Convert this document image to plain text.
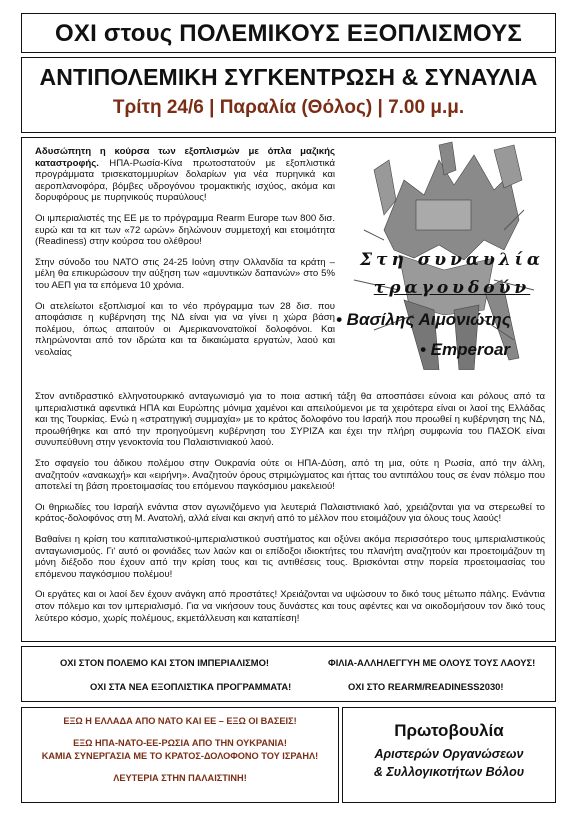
ΟΧΙ στους ΠΟΛΕΜΙΚΟΥΣ ΕΞΟΠΛΙΣΜΟΥΣ
ΑΝΤΙΠΟΛΕΜΙΚΗ ΣΥΓΚΕΝΤΡΩΣΗ & ΣΥΝΑΥΛΙΑ
Τρίτη 24/6 | Παραλία (Θόλος) | 7.00 μ.μ.

Αδυσώπητη η κούρσα των εξοπλισμών με όπλα μαζικής καταστροφής. ΗΠΑ-Ρωσία-Κίνα πρωτοστατούν με εξοπλιστικά προγράμματα τρισεκατομμυρίων δολαρίων για νέα πυρηνικά και αεροπλανοφόρα, βόμβες υδρογόνου τρομακτικής ισχύος, ακόμα και δορυφόρους με πυρηνικούς πυραύλους!

Οι ιμπεριαλιστές της ΕΕ με το πρόγραμμα Rearm Europe των 800 δισ. ευρώ και τα κιτ των «72 ωρών» δηλώνουν συμμετοχή και ετοιμότητα (Readiness) στην κούρσα του ολέθρου!

Στην σύνοδο του ΝΑΤΟ στις 24-25 Ιούνη στην Ολλανδία τα κράτη – μέλη θα επικυρώσουν την αύξηση των «αμυντικών δαπανών» στο 5% του ΑΕΠ για τα επόμενα 10 χρόνια.

Οι ατελείωτοι εξοπλισμοί και το νέο πρόγραμμα των 28 δισ. που αποφάσισε η κυβέρνηση της ΝΔ είναι για να γίνει η χώρα βάση πολέμου, όπως απαιτούν οι Αμερικανονατοϊκοί δολοφόνοι. Και πληρώνονται από τον ιδρώτα και τα δικαιώματα εργατών, λαού και νεολαίας

Στη συναυλία
τραγουδούν
• Βασίλης Αιμονιώτης
• Emperoar

Στον αντιδραστικό ελληνοτουρκικό ανταγωνισμό για το ποια αστική τάξη θα αποσπάσει εύνοια και ρόλους από τα ιμπεριαλιστικά αφεντικά ΗΠΑ και Ευρώπης μόνιμα χαμένοι και απειλούμενοι με τα χειρότερα είναι οι λαοί της Ελλάδας και της Τουρκίας. Ενώ η «στρατηγική συμμαχία» με το κράτος δολοφόνο του Ισραήλ που προωθεί η κυβέρνηση της ΝΔ, προωθήθηκε και από την προηγούμενη κυβέρνηση του ΣΥΡΙΖΑ και έχει την πλήρη συμφωνία του ΠΑΣΟΚ είναι συνυπεύθυνη στην γενοκτονία του Παλαιστινιακού λαού.

Στο σφαγείο του άδικου πολέμου στην Ουκρανία ούτε οι ΗΠΑ-Δύση, από τη μια, ούτε η Ρωσία, από την άλλη, αναζητούν «ανακωχή» και «ειρήνη». Αναζητούν όρους στριμώγματος και ήττας του αντιπάλου τους σε έναν πόλεμο που αποτελεί τη βάση προετοιμασίας του επόμενου παγκόσμιου μακελειού!

Οι θηριωδίες του Ισραήλ ενάντια στον αγωνιζόμενο για λευτεριά Παλαιστινιακό λαό, χρειάζονται για να στερεωθεί το κράτος-δολοφόνος στη Μ. Ανατολή, αλλά είναι και σκηνή από το μέλλον που ετοιμάζουν για όλους τους λαούς!

Βαθαίνει η κρίση του καπιταλιστικού-ιμπεριαλιστικού συστήματος και οξύνει ακόμα περισσότερο τους ιμπεριαλιστικούς ανταγωνισμούς. Γι' αυτό οι φονιάδες των λαών και οι επίδοξοι ιδιοκτήτες του πλανήτη αναζητούν και προετοιμάζουν τη μόνη διέξοδο που έχουν από την κρίση τους και τις αντιθέσεις τους. Βρισκόνται στην πορεία προετοιμασίας του επόμενου παγκόσμιου πολέμου!

Οι εργάτες και οι λαοί δεν έχουν ανάγκη από προστάτες! Χρειάζονται να υψώσουν το δικό τους μέτωπο πάλης. Ενάντια στον πόλεμο και τον ιμπεριαλισμό. Για να νικήσουν τους δυνάστες και τους αφέντες και να οικοδομήσουν τον δικό τους λεύτερο κόσμο, χωρίς πολέμους, εκμετάλλευση και καταπίεση!

ΟΧΙ ΣΤΟΝ ΠΟΛΕΜΟ ΚΑΙ ΣΤΟΝ ΙΜΠΕΡΙΑΛΙΣΜΟ!	ΦΙΛΙΑ-ΑΛΛΗΛΕΓΓΥΗ ΜΕ ΟΛΟΥΣ ΤΟΥΣ ΛΑΟΥΣ!
ΟΧΙ ΣΤΑ ΝΕΑ ΕΞΟΠΛΙΣΤΙΚΑ ΠΡΟΓΡΑΜΜΑΤΑ!	ΟΧΙ ΣΤΟ REARM/READINESS2030!
ΕΞΩ Η ΕΛΛΑΔΑ ΑΠΟ ΝΑΤΟ ΚΑΙ ΕΕ – ΕΞΩ ΟΙ ΒΑΣΕΙΣ!
ΕΞΩ ΗΠΑ-ΝΑΤΟ-ΕΕ-ΡΩΣΙΑ ΑΠΟ ΤΗΝ ΟΥΚΡΑΝΙΑ!
ΚΑΜΙΑ ΣΥΝΕΡΓΑΣΙΑ ΜΕ ΤΟ ΚΡΑΤΟΣ-ΔΟΛΟΦΟΝΟ ΤΟΥ ΙΣΡΑΗΛ!
ΛΕΥΤΕΡΙΑ ΣΤΗΝ ΠΑΛΑΙΣΤΙΝΗ!
Πρωτοβουλία
Αριστερών Οργανώσεων
& Συλλογικοτήτων Βόλου
